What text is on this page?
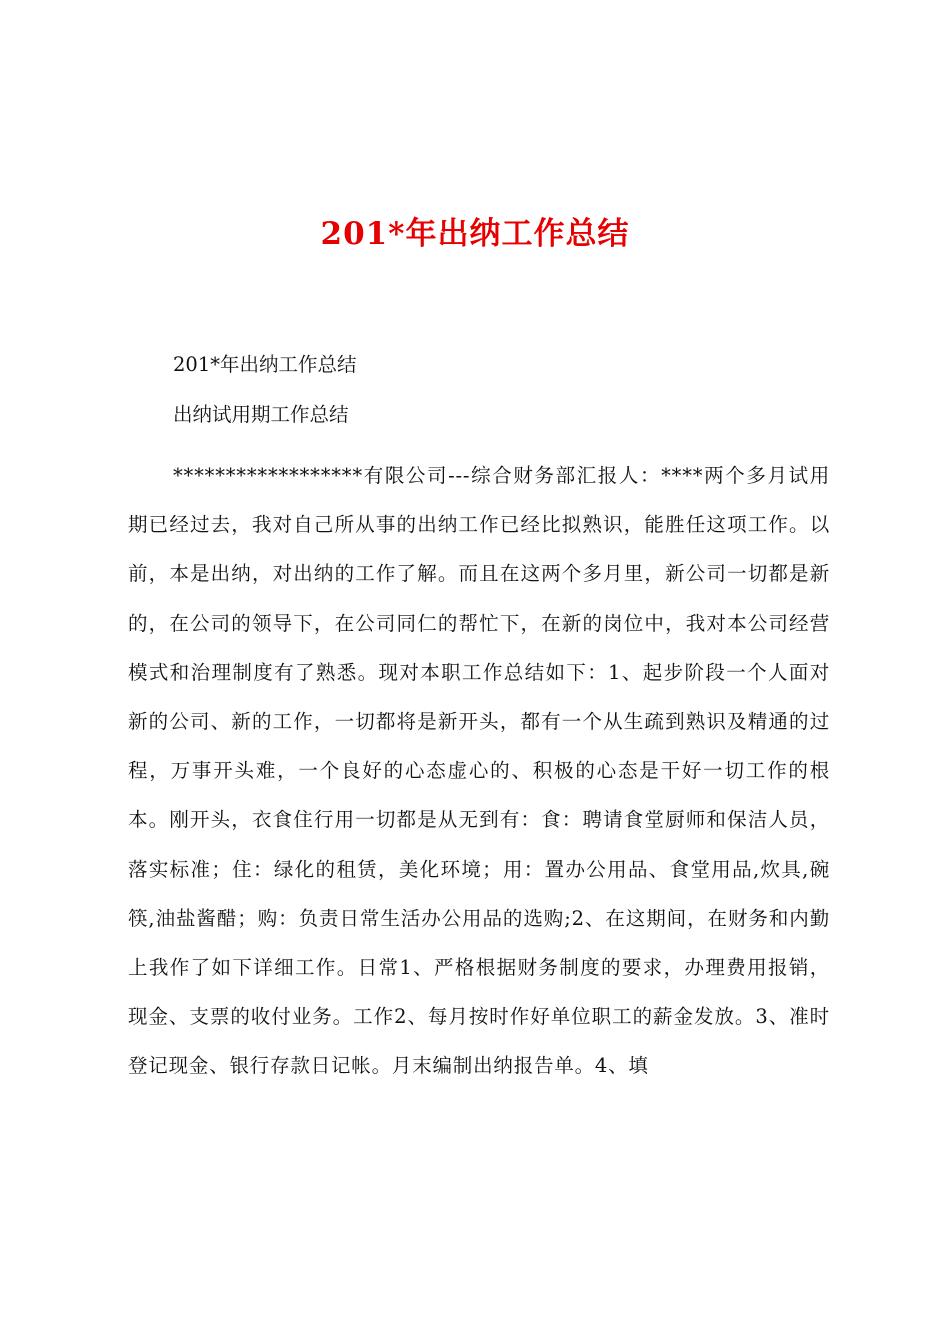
201*年出纳工作总结

201*年出纳工作总结

出纳试用期工作总结

******************有限公司---综合财务部汇报人：****两个多月试用期已经过去，我对自己所从事的出纳工作已经比拟熟识，能胜任这项工作。以前，本是出纳，对出纳的工作了解。而且在这两个多月里，新公司一切都是新的，在公司的领导下，在公司同仁的帮忙下，在新的岗位中，我对本公司经营模式和治理制度有了熟悉。现对本职工作总结如下：1、起步阶段一个人面对新的公司、新的工作，一切都将是新开头，都有一个从生疏到熟识及精通的过程，万事开头难，一个良好的心态虚心的、积极的心态是干好一切工作的根本。刚开头，衣食住行用一切都是从无到有：食：聘请食堂厨师和保洁人员，落实标准；住：绿化的租赁，美化环境；用：置办公用品、食堂用品,炊具,碗筷,油盐酱醋；购：负责日常生活办公用品的选购;2、在这期间，在财务和内勤上我作了如下详细工作。日常1、严格根据财务制度的要求，办理费用报销，现金、支票的收付业务。工作2、每月按时作好单位职工的薪金发放。3、准时登记现金、银行存款日记帐。月末编制出纳报告单。4、填
